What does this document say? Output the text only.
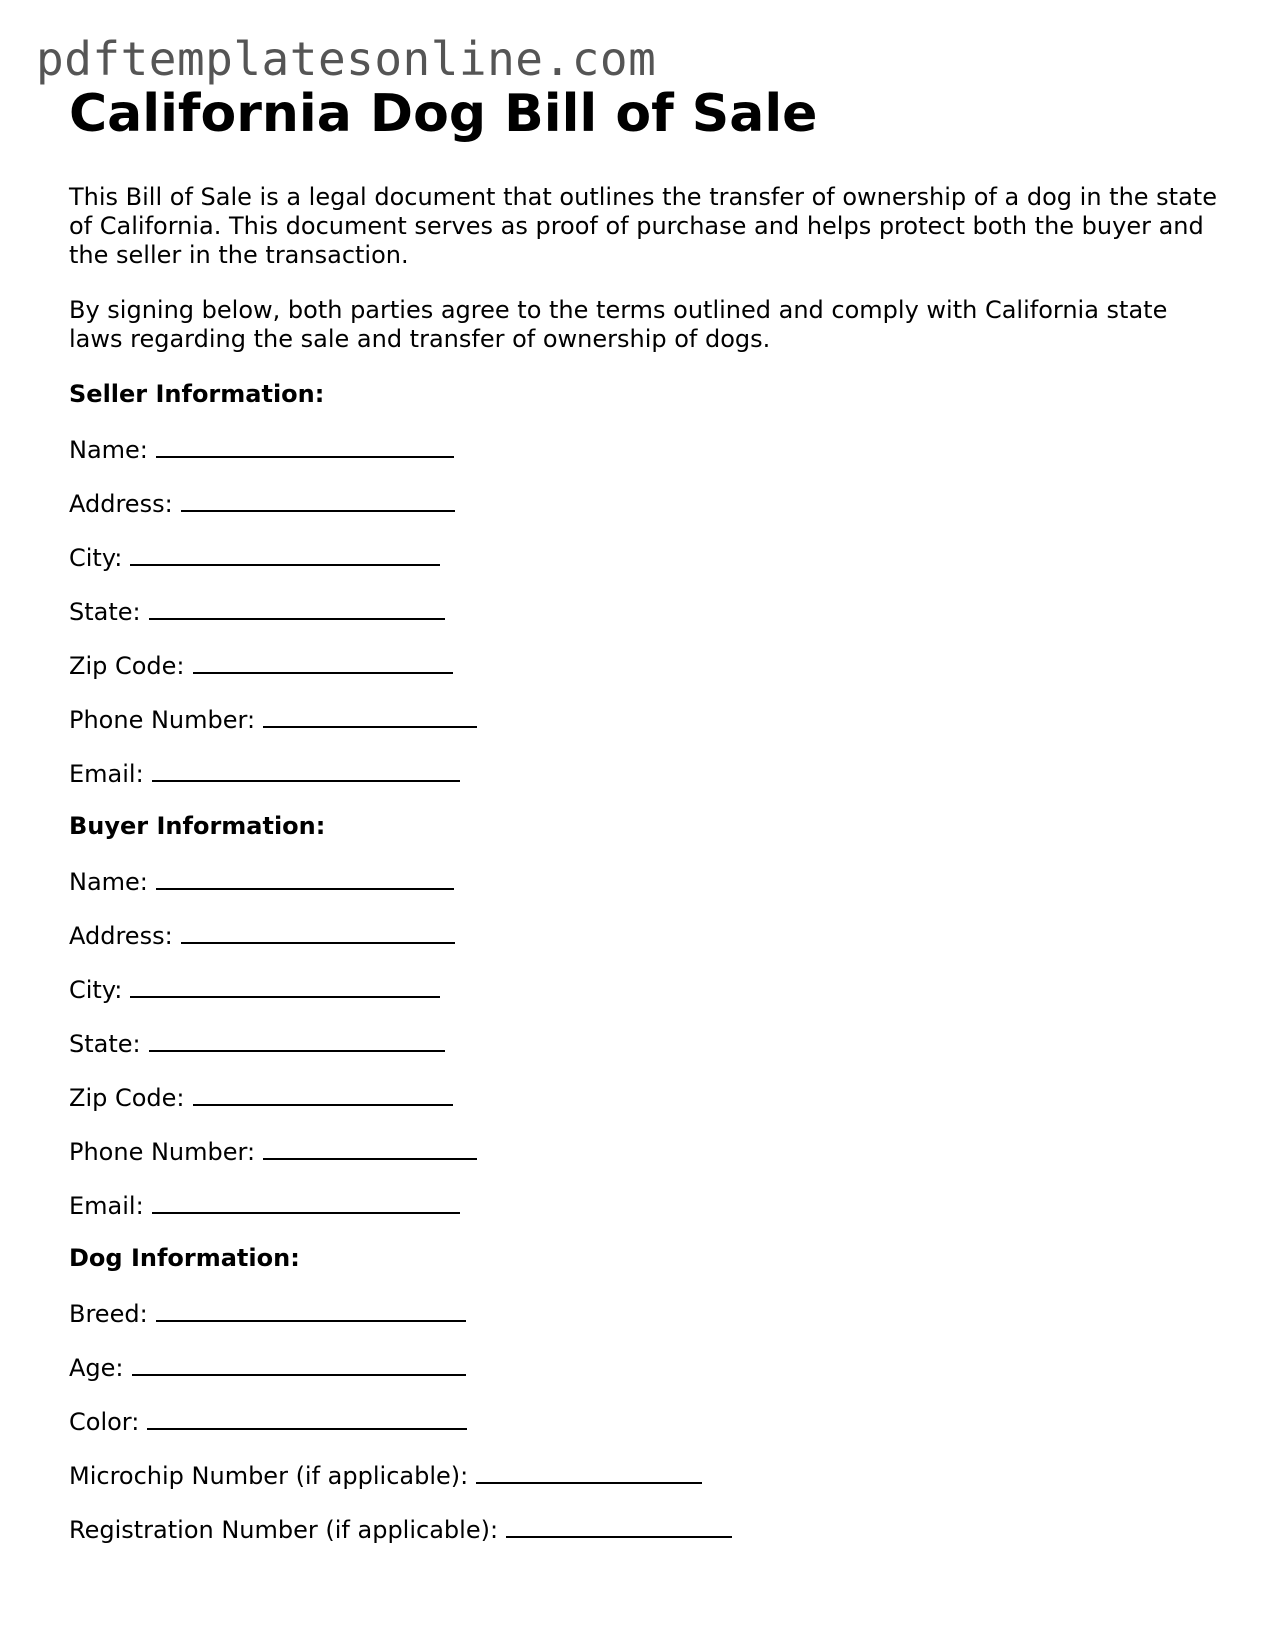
pdftemplatesonline.com
California Dog Bill of Sale

This Bill of Sale is a legal document that outlines the transfer of ownership of a dog in the state of California. This document serves as proof of purchase and helps protect both the buyer and the seller in the transaction.

By signing below, both parties agree to the terms outlined and comply with California state laws regarding the sale and transfer of ownership of dogs.

Seller Information:
Name:
Address:
City:
State:
Zip Code:
Phone Number:
Email:
Buyer Information:
Name:
Address:
City:
State:
Zip Code:
Phone Number:
Email:
Dog Information:
Breed:
Age:
Color:
Microchip Number (if applicable):
Registration Number (if applicable):
